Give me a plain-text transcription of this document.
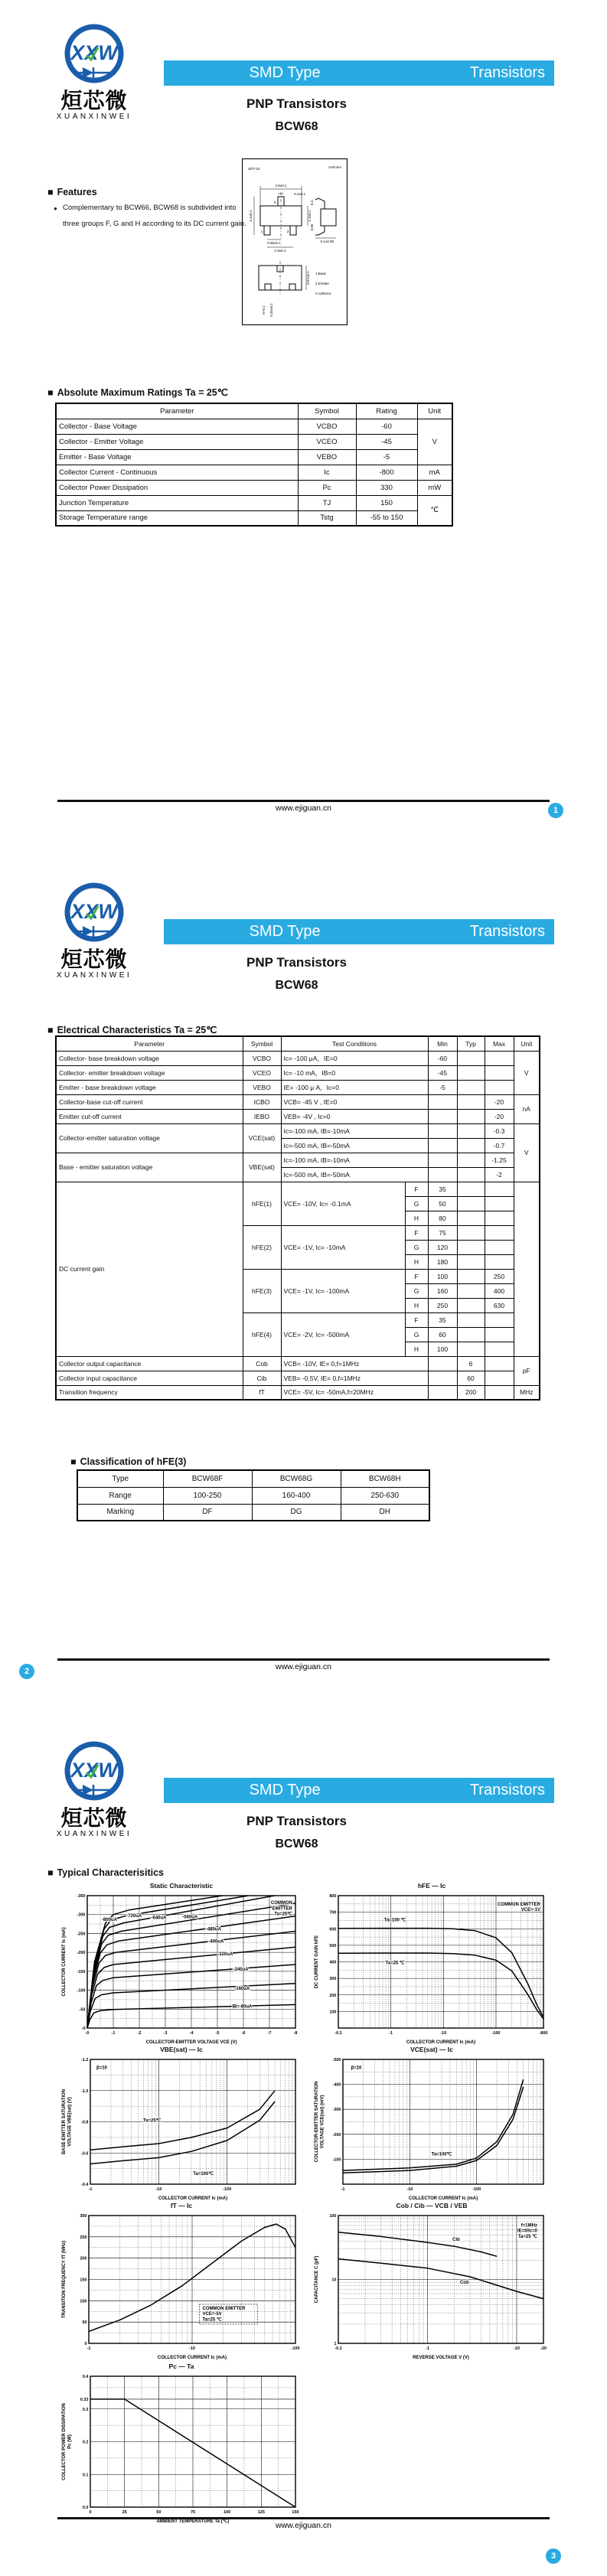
XXW
烜芯微
XUANXINWEI
SMD Type	Transistors
PNP Transistors
BCW68
■ Features
● Complementary to BCW66, BCW68 is subdivided into
three groups F, G and H according to its DC current gain.
SOT-23	Unit:mm
3
1	2
2.9±0.1
0.4±0.1
2.4±0.1	1.3±0.1
0.95±0.1
1.9±0.1
0.4
0.85
0.1±0.05
0.97±0.1
0~0.1 0.35±0.1
1.Base
2.Emitter
3.collector
■ Absolute Maximum Ratings Ta = 25℃
Parameter	Symbol	Rating	Unit
Collector - Base Voltage	VCBO	-60	V
Collector - Emitter Voltage	VCEO	-45	
Emitter - Base Voltage	VEBO	-5	
Collector Current - Continuous	Ic	-800	mA
Collector Power Dissipation	Pc	330	mW
Junction Temperature	TJ	150	℃
Storage Temperature range	Tstg	-55 to 150	
www.ejiguan.cn	1
XXW
烜芯微
XUANXINWEI
SMD Type	Transistors
PNP Transistors
BCW68
■ Electrical Characteristics Ta = 25℃
Parameter	Symbol	Test Conditions		Min	Typ	Max	Unit
Collector- base breakdown voltage	VCBO	Ic= -100 μA，IE=0		-60			V
Collector- emitter breakdown voltage	VCEO	Ic= -10 mA，IB=0		-45			
Emitter - base breakdown voltage	VEBO	IE= -100 μ A，Ic=0		-5			
Collector-base cut-off current	ICBO	VCB= -45 V , IE=0				-20	nA
Emitter cut-off current	IEBO	VEB= -4V , Ic=0				-20	
Collector-emitter saturation voltage	VCE(sat)	Ic=-100 mA, IB=-10mA				-0.3	V
		Ic=-500 mA, IB=-50mA				-0.7	
Base - emitter saturation voltage	VBE(sat)	Ic=-100 mA, IB=-10mA				-1.25	
		Ic=-500 mA, IB=-50mA				-2	
DC current gain	hFE(1)	VCE= -10V, Ic= -0.1mA	F	35			
			G	50			
			H	80			
	hFE(2)	VCE= -1V, Ic= -10mA	F	75			
			G	120			
			H	180			
	hFE(3)	VCE= -1V, Ic= -100mA	F	100		250	
			G	160		400	
			H	250		630	
	hFE(4)	VCE= -2V, Ic= -500mA	F	35			
			G	60			
			H	100			
Collector output capacitance	Cob	VCB= -10V, IE= 0,f=1MHz			6		pF
Collector input capacitance	Cib	VEB= -0.5V, IE= 0,f=1MHz			60		
Transition frequency	fT	VCE= -5V, Ic= -50mA,f=20MHz			200		MHz
■ Classification of hFE(3)
Type	BCW68F	BCW68G	BCW68H
Range	100-250	160-400	250-630
Marking	DF	DG	DH
www.ejiguan.cn
2
XXW
烜芯微
XUANXINWEI
SMD Type	Transistors
PNP Transistors
BCW68
■ Typical Characterisitics
Static Characteristic
-0	-1	-2	-3	-4	-5	-6	-7	-8
-0
-50
-100
-150
-200
-250
-300
-350
IB=-80uA
-160uA
-240uA
-320uA
-400uA
-480uA
-560uA
-640uA
-720uA
-800uA
COMMON
EMITTER
Ta=25℃
COLLECTOR-EMITTER VOLTAGE VCE (V)
COLLECTOR CURRENT Ic (mA)
hFE — Ic
-0.1	-1	-10	-100	-800
100
200
300
400
500
600
700
800
Ta=100 ℃
Ta=25 ℃
COMMON EMITTER
VCE=-1V
COLLECTOR CURRENT Ic (mA)
DC CURRENT GAIN hFE
VBE(sat) — Ic
-1	-10	-100
-0.4
-0.6
-0.8
-1.0
-1.2
Ta=25℃
Ta=100℃
β=10
COLLECTOR CURRENT Ic (mA)
BASE-EMITTER SATURATION VOLTAGE VBE(sat) (V)
VCE(sat) — Ic
-1	-10	-100
-100
-200
-300
-400
-500
Ta=100℃
β=10
COLLECTOR CURRENT Ic (mA)
COLLECTOR-EMITTER SATURATION VOLTAGE VCE(sat) (mV)
fT — Ic
-1	-10	-100
0
50
100
150
200
250
300
COMMON EMITTER
VCE=-5V
Ta=25 ℃
COLLECTOR CURRENT Ic (mA)
TRANSITION FREQUENCY fT (MHz)
Cob / Cib — VCB / VEB
-0.1	-1	-10	-20
1
10
100
Cib
Cob
f=1MHz
IE=0/Ic=0
Ta=25 ℃
REVERSE VOLTAGE V (V)
CAPACITANCE C (pF)
Pc — Ta
0	25	50	75	100	125	150
0.0
0.1
0.2
0.3
0.33
0.4
AMBIENT TEMPERATURE Ta (℃)
COLLECTOR POWER DISSIPATION Pc (W)
www.ejiguan.cn
3
